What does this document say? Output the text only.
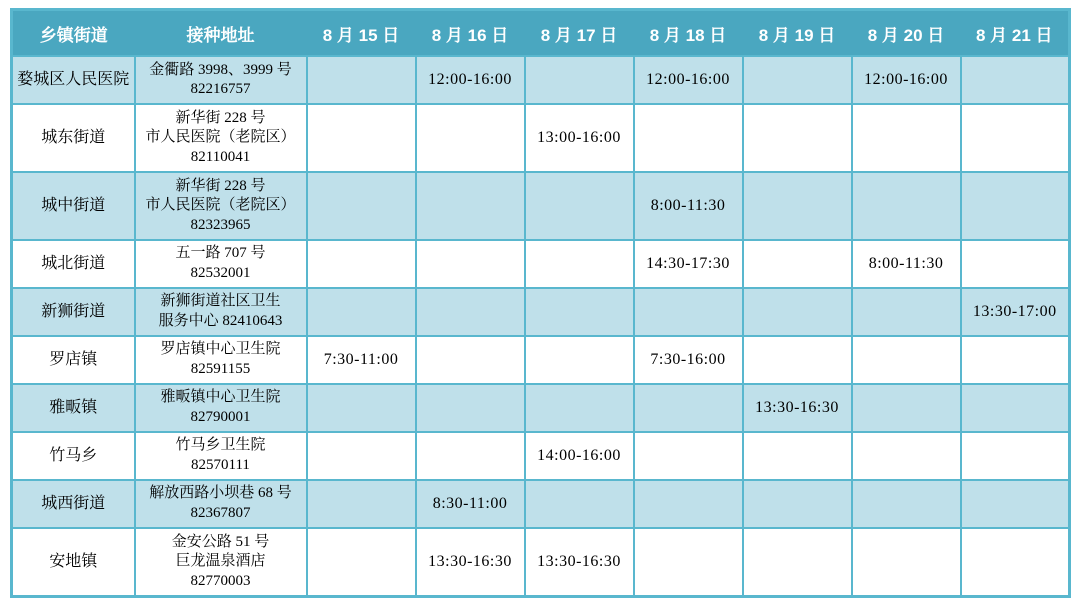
乡镇街道	接种地址	8 月 15 日	8 月 16 日	8 月 17 日	8 月 18 日	8 月 19 日	8 月 20 日	8 月 21 日
婺城区人民医院	金衢路 3998、3999 号
82216757		12:00-16:00		12:00-16:00		12:00-16:00	
城东街道	新华街 228 号
市人民医院（老院区）
82110041			13:00-16:00				
城中街道	新华街 228 号
市人民医院（老院区）
82323965				8:00-11:30			
城北街道	五一路 707 号
82532001				14:30-17:30		8:00-11:30	
新狮街道	新狮街道社区卫生
服务中心 82410643							13:30-17:00
罗店镇	罗店镇中心卫生院
82591155	7:30-11:00			7:30-16:00			
雅畈镇	雅畈镇中心卫生院
82790001					13:30-16:30		
竹马乡	竹马乡卫生院
82570111			14:00-16:00				
城西街道	解放西路小坝巷 68 号
82367807		8:30-11:00					
安地镇	金安公路 51 号
巨龙温泉酒店
82770003		13:30-16:30	13:30-16:30				
